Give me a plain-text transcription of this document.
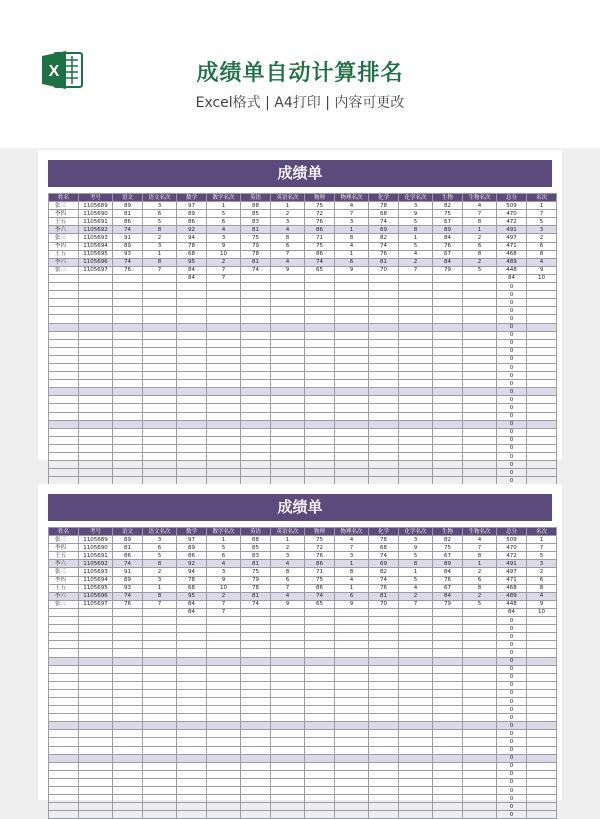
X	成绩单自动计算排名
Excel格式 | A4打印 | 内容可更改
成绩单
姓名	考号	语文	语文名次	数学	数学名次	英语	英语名次	物理	物理名次	化学	化学名次	生物	生物名次	总分	名次
张三	1105689	89	3	97	1	88	1	75	4	78	3	82	4	509	1
李四	1105690	81	6	89	5	85	2	72	7	68	9	75	7	470	7
王五	1105691	86	5	86	6	83	3	76	3	74	5	67	8	472	5
李六	1105692	74	8	92	4	81	4	86	1	69	8	89	1	491	3
张三	1105693	91	2	94	3	75	8	71	8	82	1	84	2	497	2
李四	1105694	89	3	78	9	79	6	75	4	74	5	76	6	471	6
王五	1105695	93	1	68	10	78	7	86	1	76	4	67	8	468	8
李六	1105696	74	8	95	2	81	4	74	6	81	2	84	2	489	4
张三	1105697	76	7	84	7	74	9	65	9	70	7	79	5	448	9
				84	7									84	10
														0	
														0	
														0	
														0	
														0	
														0	
														0	
														0	
														0	
														0	
														0	
														0	
														0	
														0	
														0	
														0	
														0	
														0	
														0	
														0	
														0	
														0	
														0	
														0	
														0	
成绩单
姓名	考号	语文	语文名次	数学	数学名次	英语	英语名次	物理	物理名次	化学	化学名次	生物	生物名次	总分	名次
张三	1105689	89	3	97	1	88	1	75	4	78	3	82	4	509	1
李四	1105690	81	6	89	5	85	2	72	7	68	9	75	7	470	7
王五	1105691	86	5	86	6	83	3	76	3	74	5	67	8	472	5
李六	1105692	74	8	92	4	81	4	86	1	69	8	89	1	491	3
张三	1105693	91	2	94	3	75	8	71	8	82	1	84	2	497	2
李四	1105694	89	3	78	9	79	6	75	4	74	5	76	6	471	6
王五	1105695	93	1	68	10	78	7	86	1	76	4	67	8	468	8
李六	1105696	74	8	95	2	81	4	74	6	81	2	84	2	489	4
张三	1105697	76	7	84	7	74	9	65	9	70	7	79	5	448	9
				84	7									84	10
														0	
														0	
														0	
														0	
														0	
														0	
														0	
														0	
														0	
														0	
														0	
														0	
														0	
														0	
														0	
														0	
														0	
														0	
														0	
														0	
														0	
														0	
														0	
														0	
														0	
